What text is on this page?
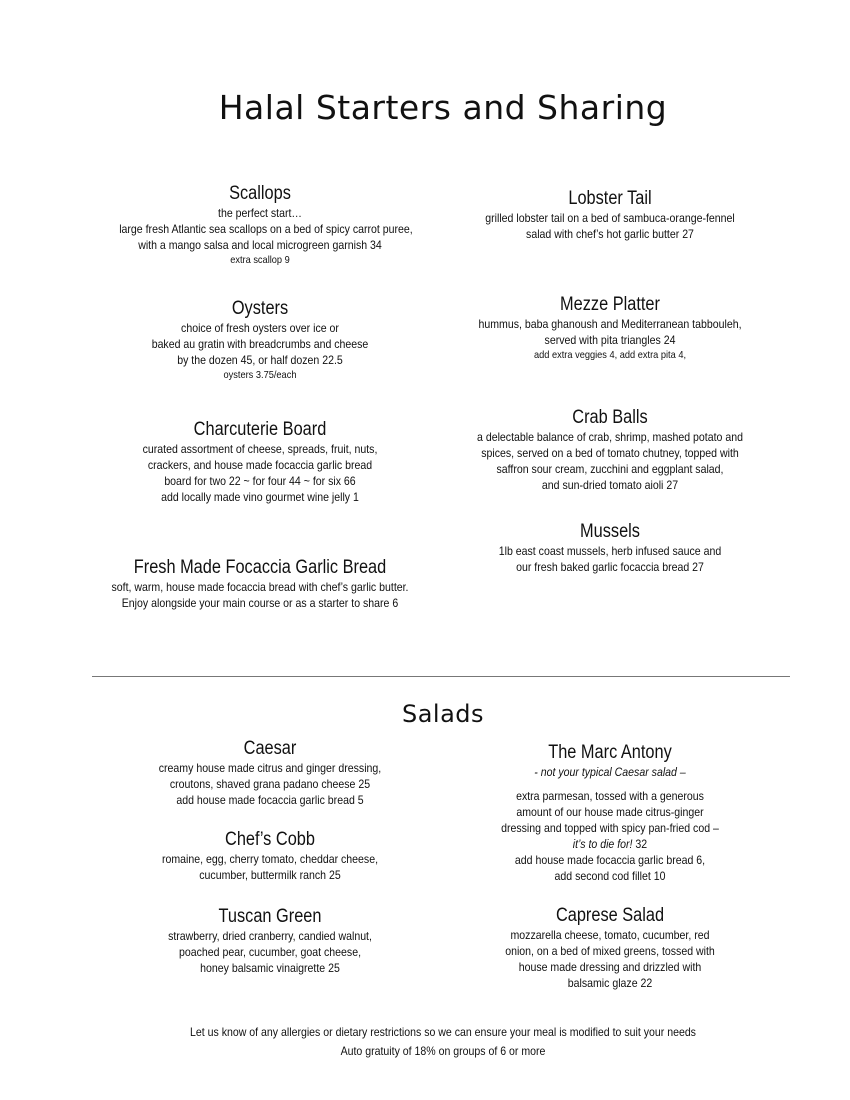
Halal Starters and Sharing
Scallops
the perfect start…
large fresh Atlantic sea scallops on a bed of spicy carrot puree,
with a mango salsa and local microgreen garnish 34
extra scallop 9
Oysters
choice of fresh oysters over ice or
baked au gratin with breadcrumbs and cheese
by the dozen 45, or half dozen 22.5
oysters 3.75/each
Charcuterie Board
curated assortment of cheese, spreads, fruit, nuts,
crackers, and house made focaccia garlic bread
board for two 22 ~ for four 44 ~ for six 66
add locally made vino gourmet wine jelly 1
Fresh Made Focaccia Garlic Bread
soft, warm, house made focaccia bread with chef’s garlic butter.
Enjoy alongside your main course or as a starter to share 6
Lobster Tail
grilled lobster tail on a bed of sambuca-orange-fennel
salad with chef’s hot garlic butter 27
Mezze Platter
hummus, baba ghanoush and Mediterranean tabbouleh,
served with pita triangles 24
add extra veggies 4, add extra pita 4,
Crab Balls
a delectable balance of crab, shrimp, mashed potato and
spices, served on a bed of tomato chutney, topped with
saffron sour cream, zucchini and eggplant salad,
and sun-dried tomato aioli 27
Mussels
1lb east coast mussels, herb infused sauce and
our fresh baked garlic focaccia bread 27
Salads
Caesar
creamy house made citrus and ginger dressing,
croutons, shaved grana padano cheese 25
add house made focaccia garlic bread 5
Chef’s Cobb
romaine, egg, cherry tomato, cheddar cheese,
cucumber, buttermilk ranch 25
Tuscan Green
strawberry, dried cranberry, candied walnut,
poached pear, cucumber, goat cheese,
honey balsamic vinaigrette 25
The Marc Antony
- not your typical Caesar salad –
extra parmesan, tossed with a generous
amount of our house made citrus-ginger
dressing and topped with spicy pan-fried cod –
it’s to die for! 32
add house made focaccia garlic bread 6,
add second cod fillet 10
Caprese Salad
mozzarella cheese, tomato, cucumber, red
onion, on a bed of mixed greens, tossed with
house made dressing and drizzled with
balsamic glaze 22
Let us know of any allergies or dietary restrictions so we can ensure your meal is modified to suit your needs
Auto gratuity of 18% on groups of 6 or more
